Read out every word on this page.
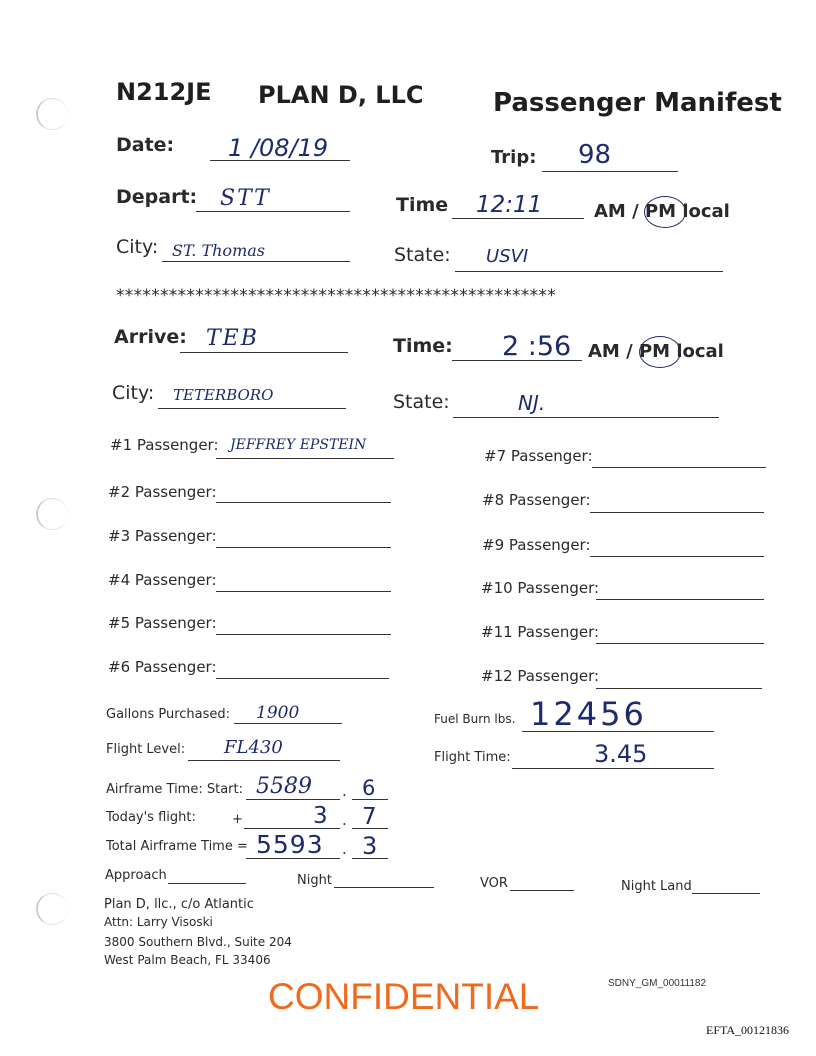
N212JE PLAN D, LLC	Passenger Manifest
Date: 1 /08/19	Trip: 98
Depart: STT	Time 12:11	AM / PM local
City: ST. Thomas	State: USVI
**************************************************
Arrive: TEB	Time: 2 :56 AM / PM local
City: TETERBORO	State:	NJ.
#1 Passenger: JEFFREY EPSTEIN
#2 Passenger:
#3 Passenger:
#4 Passenger:
#5 Passenger:
#6 Passenger:
#7 Passenger:
#8 Passenger:
#9 Passenger:
#10 Passenger:
#11 Passenger:
#12 Passenger:
Gallons Purchased: 1900	Fuel Burn lbs. 12456
Flight Level: FL430	Flight Time:	3.45
Airframe Time: Start: 5589 . 6
Today's flight:	+	3 . 7
Total Airframe Time = 5593 . 3
Approach	Night	VOR	Night Land
Plan D, llc., c/o Atlantic
Attn: Larry Visoski
3800 Southern Blvd., Suite 204
West Palm Beach, FL 33406
SDNY_GM_00011182
CONFIDENTIAL
EFTA_00121836
